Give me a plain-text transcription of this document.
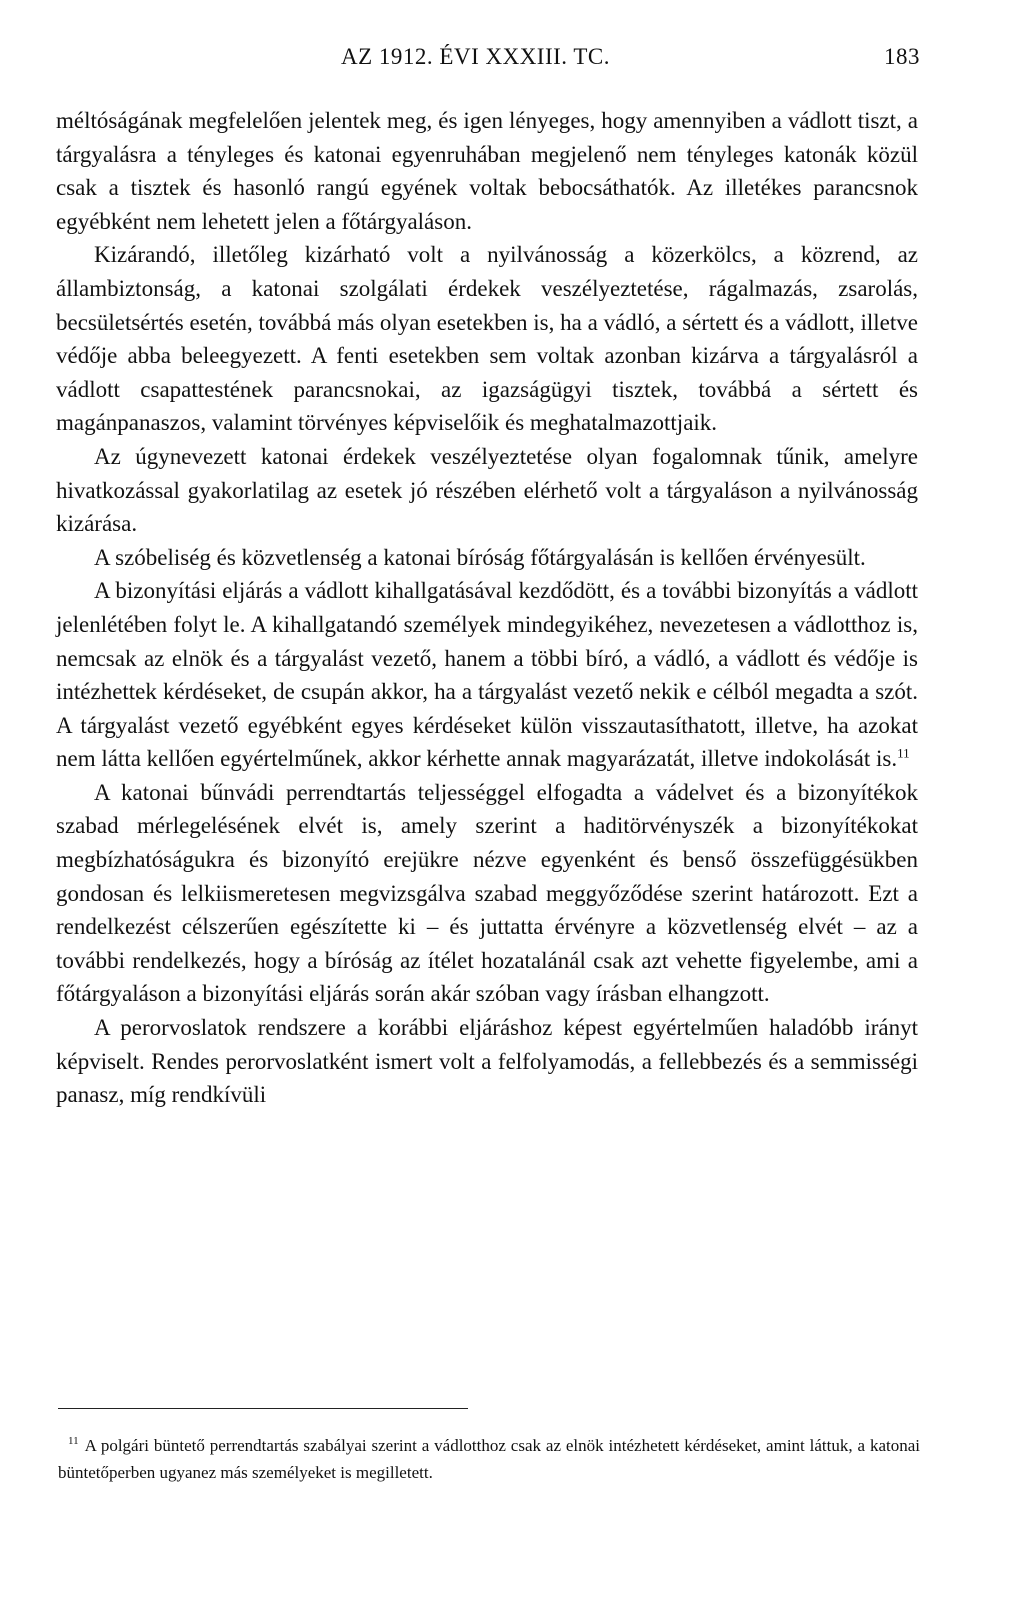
AZ 1912. ÉVI XXXIII. TC.	183

méltóságának megfelelően jelentek meg, és igen lényeges, hogy amennyiben a vádlott tiszt, a tárgyalásra a tényleges és katonai egyenruhában megjelenő nem tényleges katonák közül csak a tisztek és hasonló rangú egyének voltak bebocsáthatók. Az illetékes parancsnok egyébként nem lehetett jelen a főtárgyaláson.

Kizárandó, illetőleg kizárható volt a nyilvánosság a közerkölcs, a közrend, az állambiztonság, a katonai szolgálati érdekek veszélyeztetése, rágalmazás, zsarolás, becsületsértés esetén, továbbá más olyan esetekben is, ha a vádló, a sértett és a vádlott, illetve védője abba beleegyezett. A fenti esetekben sem voltak azonban kizárva a tárgyalásról a vádlott csapattestének parancsnokai, az igazságügyi tisztek, továbbá a sértett és magánpanaszos, valamint törvényes képviselőik és meghatalmazottjaik.

Az úgynevezett katonai érdekek veszélyeztetése olyan fogalomnak tűnik, amelyre hivatkozással gyakorlatilag az esetek jó részében elérhető volt a tárgyaláson a nyilvánosság kizárása.

A szóbeliség és közvetlenség a katonai bíróság főtárgyalásán is kellően érvényesült.

A bizonyítási eljárás a vádlott kihallgatásával kezdődött, és a további bizonyítás a vádlott jelenlétében folyt le. A kihallgatandó személyek mindegyikéhez, nevezetesen a vádlotthoz is, nemcsak az elnök és a tárgyalást vezető, hanem a többi bíró, a vádló, a vádlott és védője is intézhettek kérdéseket, de csupán akkor, ha a tárgyalást vezető nekik e célból megadta a szót. A tárgyalást vezető egyébként egyes kérdéseket külön visszautasíthatott, illetve, ha azokat nem látta kellően egyértelműnek, akkor kérhette annak magyarázatát, illetve indokolását is.$^{11}$

A katonai bűnvádi perrendtartás teljességgel elfogadta a vádelvet és a bizonyítékok szabad mérlegelésének elvét is, amely szerint a haditörvényszék a bizonyítékokat megbízhatóságukra és bizonyító erejükre nézve egyenként és benső összefüggésükben gondosan és lelkiismeretesen megvizsgálva szabad meggyőződése szerint határozott. Ezt a rendelkezést célszerűen egészítette ki – és juttatta érvényre a közvetlenség elvét – az a további rendelkezés, hogy a bíróság az ítélet hozatalánál csak azt vehette figyelembe, ami a főtárgyaláson a bizonyítási eljárás során akár szóban vagy írásban elhangzott.

A perorvoslatok rendszere a korábbi eljáráshoz képest egyértelműen haladóbb irányt képviselt. Rendes perorvoslatként ismert volt a felfolyamodás, a fellebbezés és a semmisségi panasz, míg rendkívüli

$^{11}$ A polgári büntető perrendtartás szabályai szerint a vádlotthoz csak az elnök intézhetett kérdéseket, amint láttuk, a katonai büntetőperben ugyanez más személyeket is megilletett.
